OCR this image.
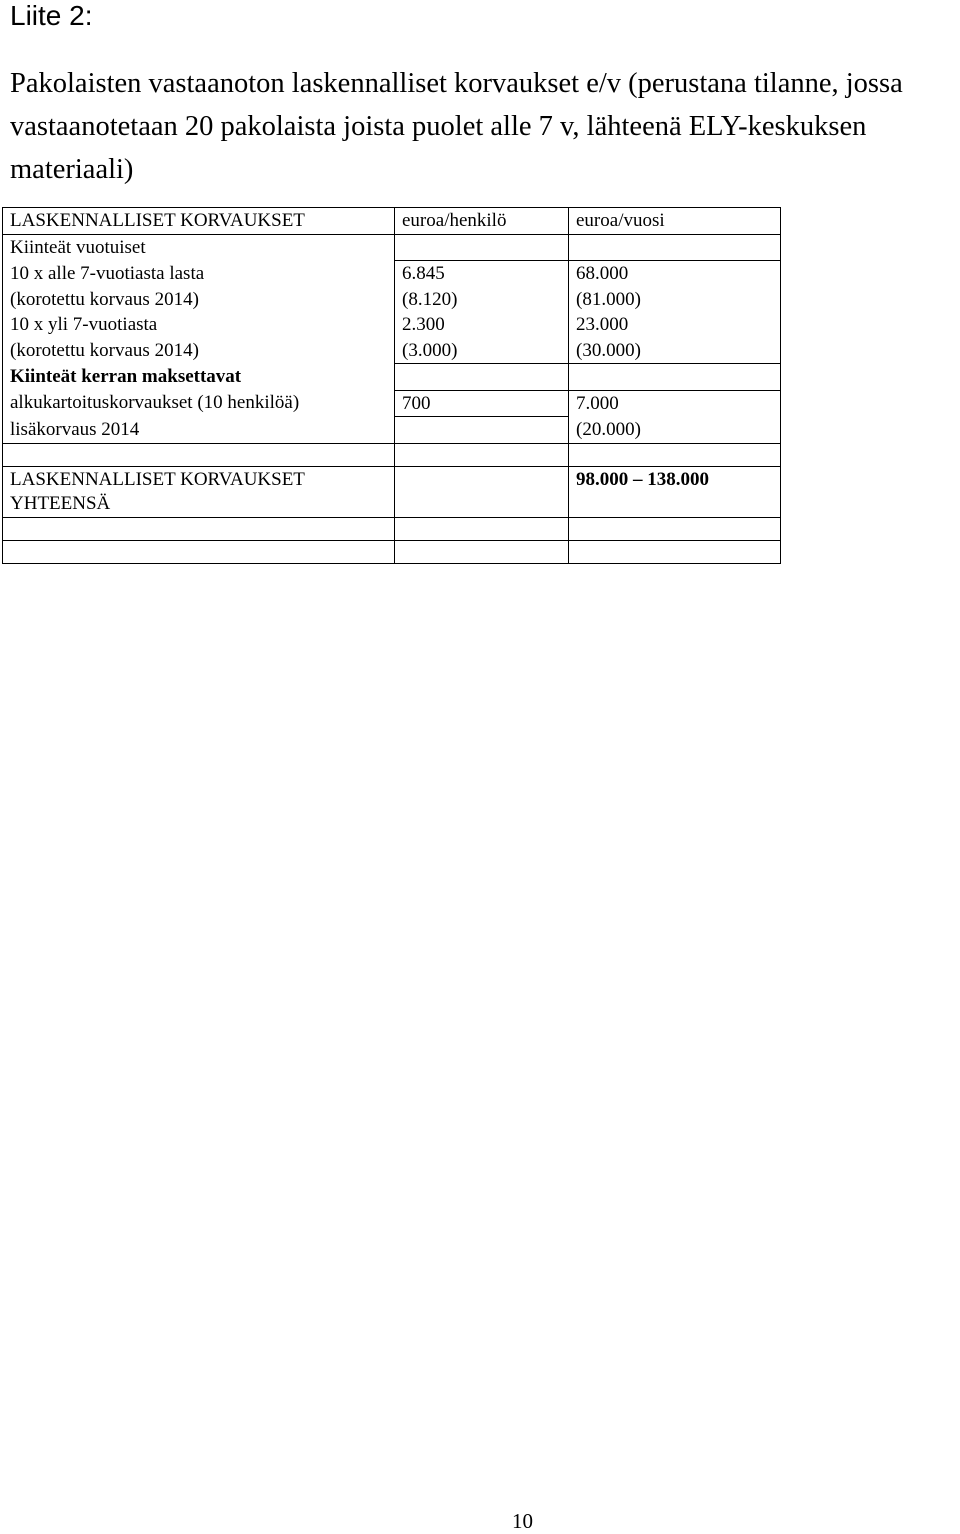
Liite 2:
Pakolaisten vastaanoton laskennalliset korvaukset e/v (perustana tilanne, jossa vastaanotetaan 20 pakolaista joista puolet alle 7 v, lähteenä ELY-keskuksen materiaali)
LASKENNALLISET KORVAUKSET	euroa/henkilö	euroa/vuosi
Kiinteät vuotuiset		
10 x alle 7-vuotiasta lasta	6.845	68.000
(korotettu korvaus 2014)	(8.120)	(81.000)
10 x yli 7-vuotiasta	2.300	23.000
(korotettu korvaus 2014)	(3.000)	(30.000)
Kiinteät kerran maksettavat		
alkukartoituskorvaukset (10 henkilöä)	700	7.000
lisäkorvaus 2014		(20.000)

LASKENNALLISET KORVAUKSET
YHTEENSÄ		98.000 – 138.000

10
